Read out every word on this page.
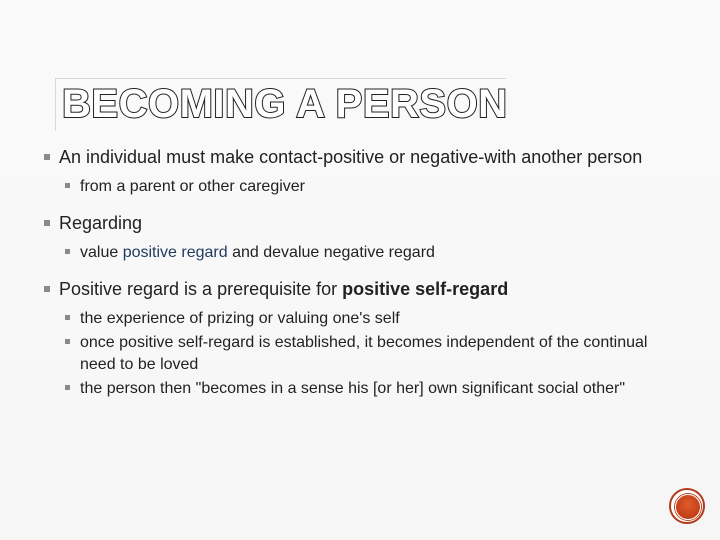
BECOMING A PERSON
An individual must make contact-positive or negative-with another person
from a parent or other caregiver
Regarding
value positive regard and devalue negative regard
Positive regard is a prerequisite for positive self-regard
the experience of prizing or valuing one's self
once positive self-regard is established, it becomes independent of the continual need to be loved
the person then "becomes in a sense his [or her] own significant social other"
